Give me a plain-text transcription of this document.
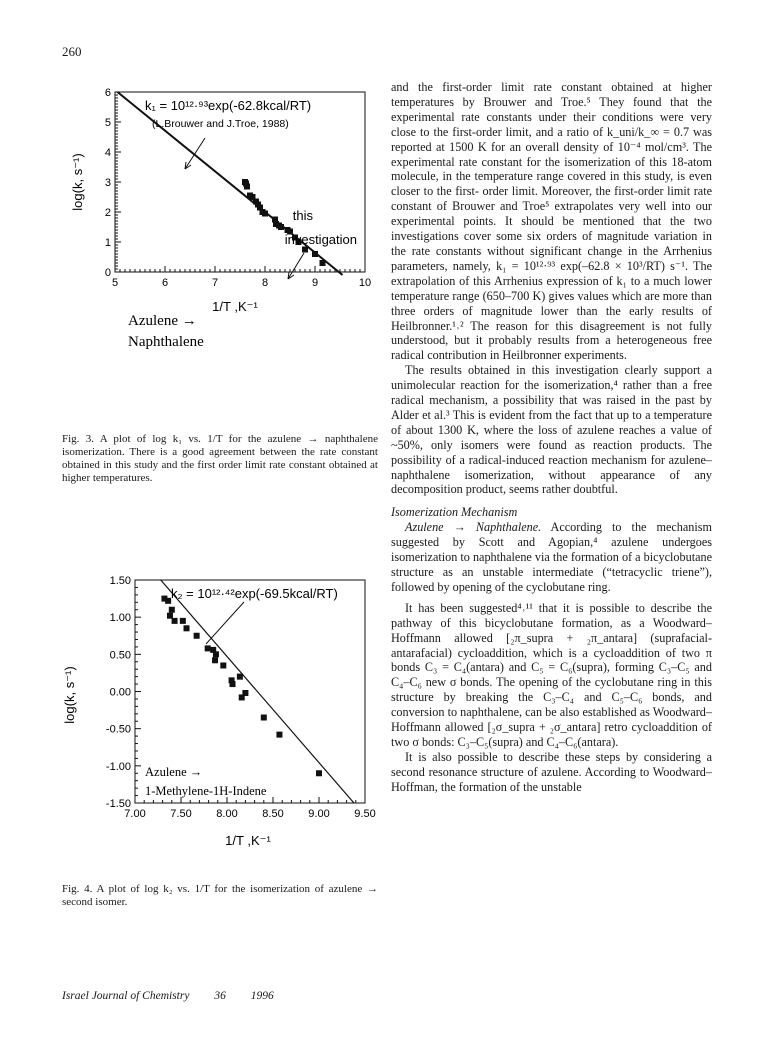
260
5	6	7	8	9	10
0
1
2
3
4
5
6
k₁ = 10¹²·⁹³exp(-62.8kcal/RT)
(L.Brouwer and J.Troe, 1988)
this
investigation
Azulene →
Naphthalene
1/T ,K⁻¹
log(k, s⁻¹)
Fig. 3. A plot of log k₁ vs. 1/T for the azulene → naphthalene isomerization. There is a good agreement between the rate constant obtained in this study and the first order limit rate constant obtained at higher temperatures.
7.00 7.50 8.00 8.50 9.00 9.50
-1.50
-1.00
-0.50
0.00
0.50
1.00
1.50
k₂ = 10¹²·⁴²exp(-69.5kcal/RT)
Azulene →
1-Methylene-1H-Indene
1/T ,K⁻¹
log(k, s⁻¹)
Fig. 4. A plot of log k₂ vs. 1/T for the isomerization of azulene → second isomer.

and the first-order limit rate constant obtained at higher temperatures by Brouwer and Troe.⁵ They found that the experimental rate constants under their conditions were very close to the first-order limit, and a ratio of k_uni/k_∞ = 0.7 was reported at 1500 K for an overall density of 10⁻⁴ mol/cm³. The experimental rate constant for the isomerization of this 18-atom molecule, in the temperature range covered in this study, is even closer to the first- order limit. Moreover, the first-order limit rate constant of Brouwer and Troe⁵ extrapolates very well into our experimental points. It should be mentioned that the two investigations cover some six orders of magnitude variation in the rate constants without significant change in the Arrhenius parameters, namely, k₁ = 10¹²·⁹³ exp(–62.8 × 10³/RT) s⁻¹. The extrapolation of this Arrhenius expression of k₁ to a much lower temperature range (650–700 K) gives values which are more than three orders of magnitude lower than the early results of Heilbronner.¹˒² The reason for this disagreement is not fully understood, but it probably results from a heterogeneous free radical contribution in Heilbronner experiments.

The results obtained in this investigation clearly support a unimolecular reaction for the isomerization,⁴ rather than a free radical mechanism, a possibility that was raised in the past by Alder et al.³ This is evident from the fact that up to a temperature of about 1300 K, where the loss of azulene reaches a value of ~50%, only isomers were found as reaction products. The possibility of a radical-induced reaction mechanism for azulene–naphthalene isomerization, without appearance of any decomposition product, seems rather doubtful.

Isomerization Mechanism

Azulene → Naphthalene. According to the mechanism suggested by Scott and Agopian,⁴ azulene undergoes isomerization to naphthalene via the formation of a bicyclobutane structure as an unstable intermediate (“tetracyclic triene”), followed by opening of the cyclobutane ring.

It has been suggested⁴˒¹¹ that it is possible to describe the pathway of this bicyclobutane formation, as a Woodward–Hoffmann allowed [₂π_supra + ₂π_antara] (suprafacial-antarafacial) cycloaddition, which is a cycloaddition of two π bonds C₃ = C₄(antara) and C₅ = C₆(supra), forming C₃–C₅ and C₄–C₆ new σ bonds. The opening of the cyclobutane ring in this structure by breaking the C₃–C₄ and C₅–C₆ bonds, and conversion to naphthalene, can be also established as Woodward–Hoffmann allowed [₂σ_supra + ₂σ_antara] retro cycloaddition of two σ bonds: C₃–C₅(supra) and C₄–C₆(antara).

It is also possible to describe these steps by considering a second resonance structure of azulene. According to Woodward–Hoffman, the formation of the unstable

Israel Journal of Chemistry 36 1996
